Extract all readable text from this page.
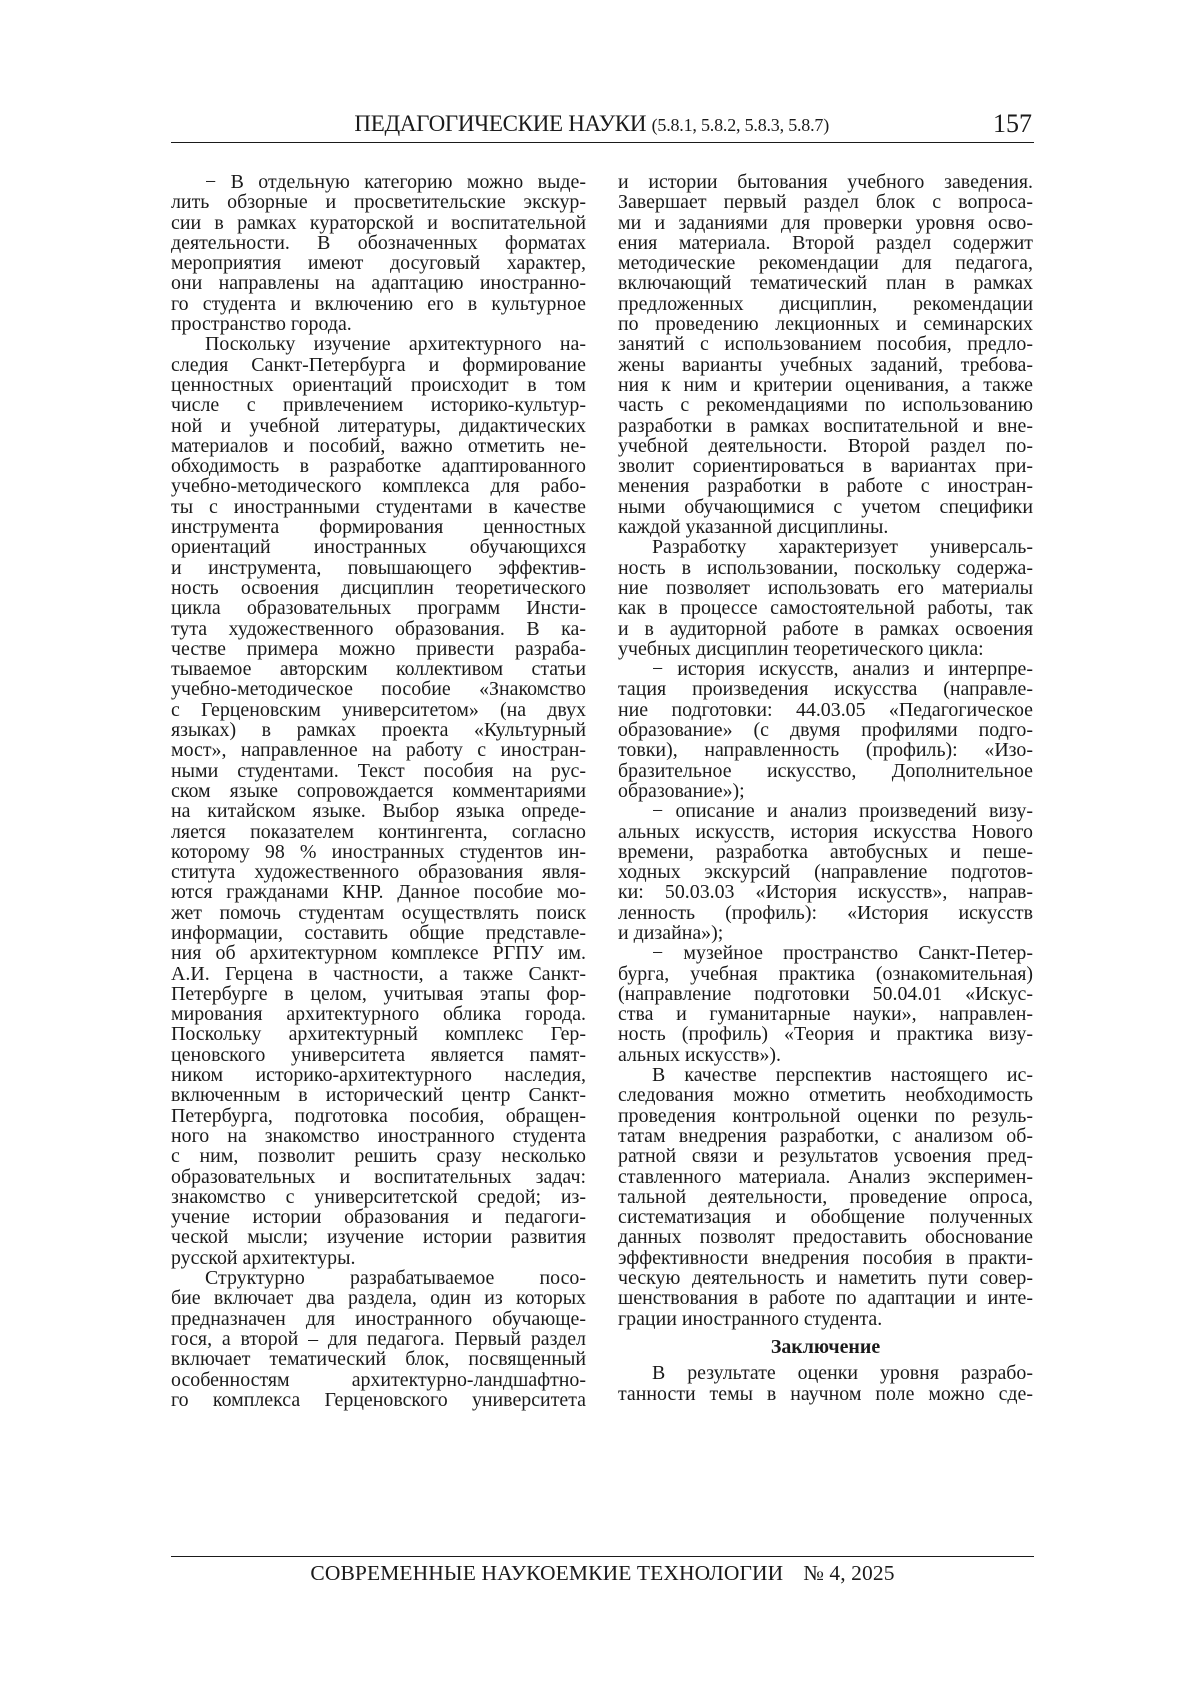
ПЕДАГОГИЧЕСКИЕ НАУКИ (5.8.1, 5.8.2, 5.8.3, 5.8.7)	157
− В отдельную категорию можно выде-
лить обзорные и просветительские экскур-
сии в рамках кураторской и воспитательной
деятельности. В обозначенных форматах
мероприятия имеют досуговый характер,
они направлены на адаптацию иностранно-
го студента и включению его в культурное
пространство города.
Поскольку изучение архитектурного на-
следия Санкт-Петербурга и формирование
ценностных ориентаций происходит в том
числе с привлечением историко-культур-
ной и учебной литературы, дидактических
материалов и пособий, важно отметить не-
обходимость в разработке адаптированного
учебно-методического комплекса для рабо-
ты с иностранными студентами в качестве
инструмента формирования ценностных
ориентаций иностранных обучающихся
и инструмента, повышающего эффектив-
ность освоения дисциплин теоретического
цикла образовательных программ Инсти-
тута художественного образования. В ка-
честве примера можно привести разраба-
тываемое авторским коллективом статьи
учебно-методическое пособие «Знакомство
с Герценовским университетом» (на двух
языках) в рамках проекта «Культурный
мост», направленное на работу с иностран-
ными студентами. Текст пособия на рус-
ском языке сопровождается комментариями
на китайском языке. Выбор языка опреде-
ляется показателем контингента, согласно
которому 98 % иностранных студентов ин-
ститута художественного образования явля-
ются гражданами КНР. Данное пособие мо-
жет помочь студентам осуществлять поиск
информации, составить общие представле-
ния об архитектурном комплексе РГПУ им.
А.И. Герцена в частности, а также Санкт-
Петербурге в целом, учитывая этапы фор-
мирования архитектурного облика города.
Поскольку архитектурный комплекс Гер-
ценовского университета является памят-
ником историко-архитектурного наследия,
включенным в исторический центр Санкт-
Петербурга, подготовка пособия, обращен-
ного на знакомство иностранного студента
с ним, позволит решить сразу несколько
образовательных и воспитательных задач:
знакомство с университетской средой; из-
учение истории образования и педагоги-
ческой мысли; изучение истории развития
русской архитектуры.
Структурно разрабатываемое посо-
бие включает два раздела, один из которых
предназначен для иностранного обучающе-
гося, а второй – для педагога. Первый раздел
включает тематический блок, посвященный
особенностям архитектурно-ландшафтно-
го комплекса Герценовского университета
и истории бытования учебного заведения.
Завершает первый раздел блок с вопроса-
ми и заданиями для проверки уровня осво-
ения материала. Второй раздел содержит
методические рекомендации для педагога,
включающий тематический план в рамках
предложенных дисциплин, рекомендации
по проведению лекционных и семинарских
занятий с использованием пособия, предло-
жены варианты учебных заданий, требова-
ния к ним и критерии оценивания, а также
часть с рекомендациями по использованию
разработки в рамках воспитательной и вне-
учебной деятельности. Второй раздел по-
зволит сориентироваться в вариантах при-
менения разработки в работе с иностран-
ными обучающимися с учетом специфики
каждой указанной дисциплины.
Разработку характеризует универсаль-
ность в использовании, поскольку содержа-
ние позволяет использовать его материалы
как в процессе самостоятельной работы, так
и в аудиторной работе в рамках освоения
учебных дисциплин теоретического цикла:
− история искусств, анализ и интерпре-
тация произведения искусства (направле-
ние подготовки: 44.03.05 «Педагогическое
образование» (с двумя профилями подго-
товки), направленность (профиль): «Изо-
бразительное искусство, Дополнительное
образование»);
− описание и анализ произведений визу-
альных искусств, история искусства Нового
времени, разработка автобусных и пеше-
ходных экскурсий (направление подготов-
ки: 50.03.03 «История искусств», направ-
ленность (профиль): «История искусств
и дизайна»);
− музейное пространство Санкт-Петер-
бурга, учебная практика (ознакомительная)
(направление подготовки 50.04.01 «Искус-
ства и гуманитарные науки», направлен-
ность (профиль) «Теория и практика визу-
альных искусств»).
В качестве перспектив настоящего ис-
следования можно отметить необходимость
проведения контрольной оценки по резуль-
татам внедрения разработки, с анализом об-
ратной связи и результатов усвоения пред-
ставленного материала. Анализ эксперимен-
тальной деятельности, проведение опроса,
систематизация и обобщение полученных
данных позволят предоставить обоснование
эффективности внедрения пособия в практи-
ческую деятельность и наметить пути совер-
шенствования в работе по адаптации и инте-
грации иностранного студента.
Заключение
В результате оценки уровня разрабо-
танности темы в научном поле можно сде-
СОВРЕМЕННЫЕ НАУКОЕМКИЕ ТЕХНОЛОГИИ № 4, 2025
